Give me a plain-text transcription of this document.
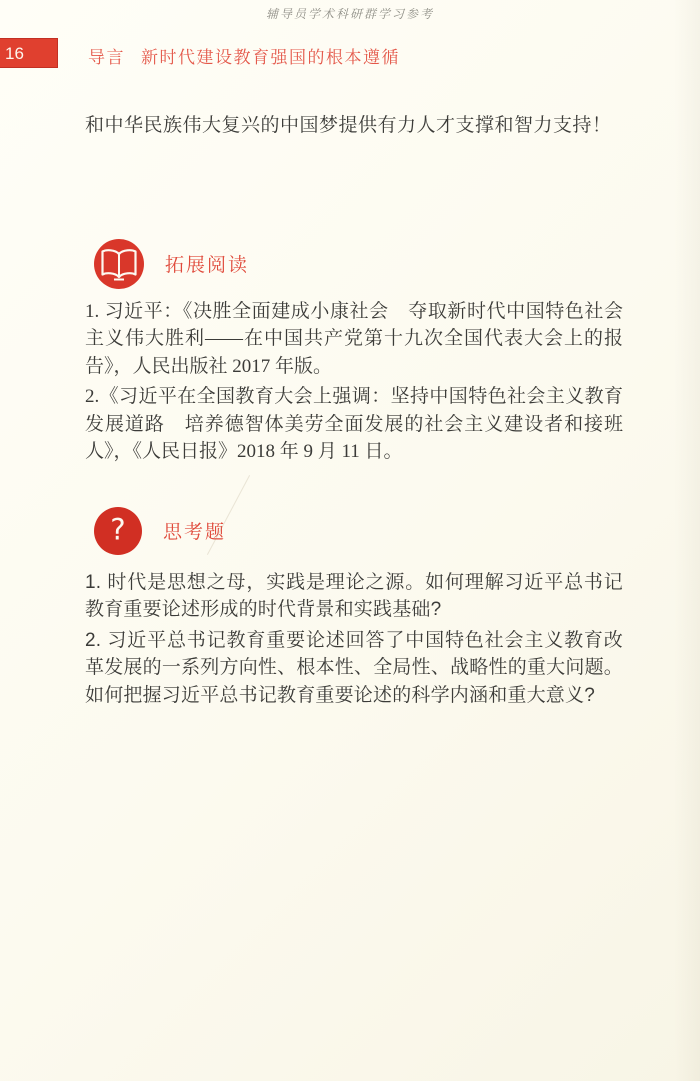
辅导员学术科研群学习参考
16	导言 新时代建设教育强国的根本遵循

和中华民族伟大复兴的中国梦提供有力人才支撑和智力支持！

拓展阅读

1. 习近平：《决胜全面建成小康社会　夺取新时代中国特色社会主义伟大胜利——在中国共产党第十九次全国代表大会上的报告》，人民出版社 2017 年版。

2.《习近平在全国教育大会上强调：坚持中国特色社会主义教育发展道路　培养德智体美劳全面发展的社会主义建设者和接班人》，《人民日报》2018 年 9 月 11 日。

? 思考题

1. 时代是思想之母，实践是理论之源。如何理解习近平总书记教育重要论述形成的时代背景和实践基础?

2. 习近平总书记教育重要论述回答了中国特色社会主义教育改革发展的一系列方向性、根本性、全局性、战略性的重大问题。如何把握习近平总书记教育重要论述的科学内涵和重大意义?
